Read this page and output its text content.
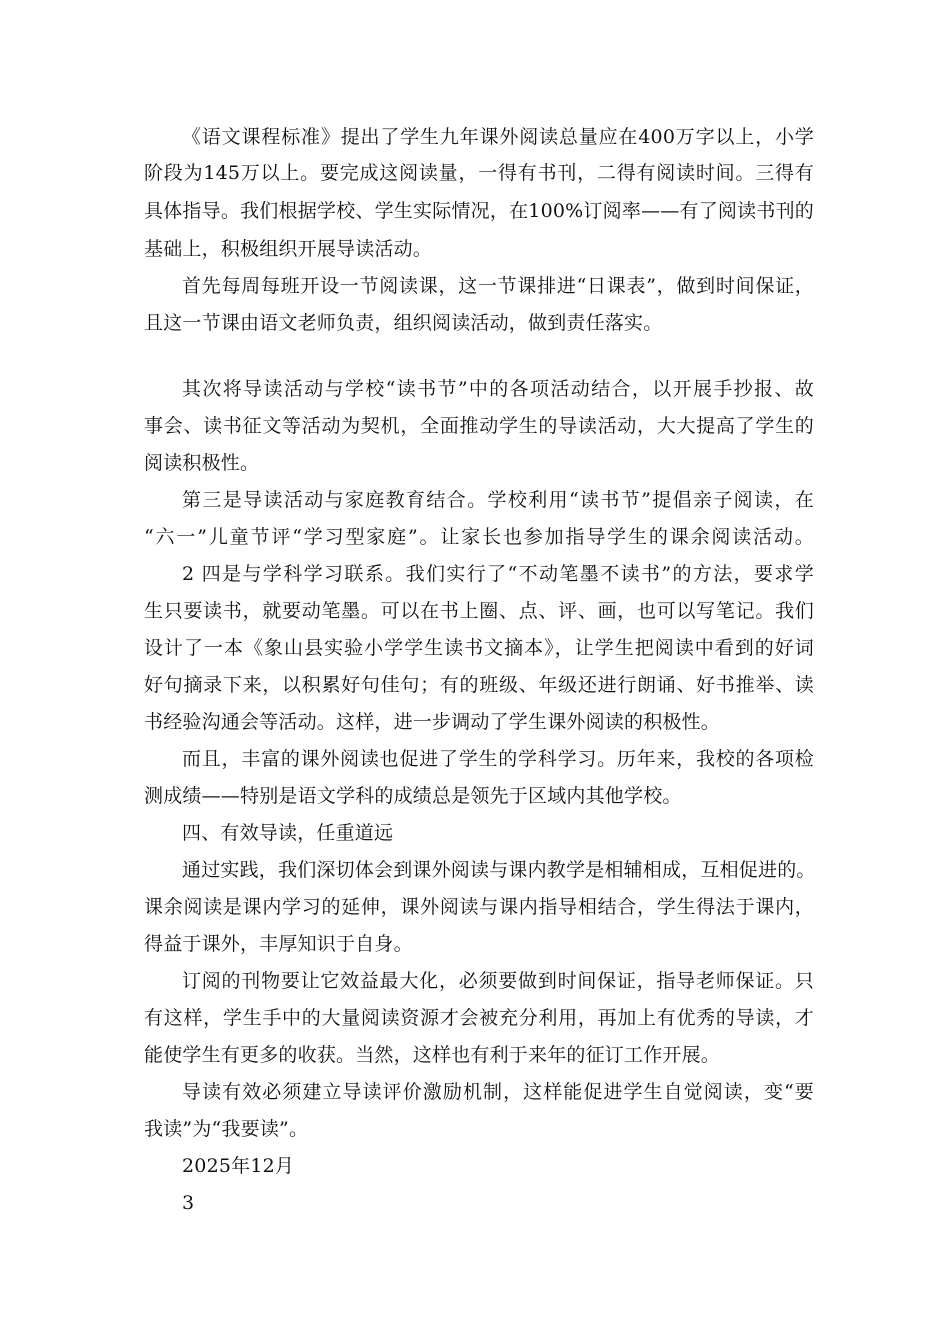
《语文课程标准》提出了学生九年课外阅读总量应在400万字以上，小学
阶段为145万以上。要完成这阅读量，一得有书刊，二得有阅读时间。三得有
具体指导。我们根据学校、学生实际情况，在100%订阅率——有了阅读书刊的
基础上，积极组织开展导读活动。
首先每周每班开设一节阅读课，这一节课排进“日课表”，做到时间保证，
且这一节课由语文老师负责，组织阅读活动，做到责任落实。
其次将导读活动与学校“读书节”中的各项活动结合，以开展手抄报、故
事会、读书征文等活动为契机，全面推动学生的导读活动，大大提高了学生的
阅读积极性。
第三是导读活动与家庭教育结合。学校利用“读书节”提倡亲子阅读，在
“六一”儿童节评“学习型家庭”。让家长也参加指导学生的课余阅读活动。
2 四是与学科学习联系。我们实行了“不动笔墨不读书”的方法，要求学
生只要读书，就要动笔墨。可以在书上圈、点、评、画，也可以写笔记。我们
设计了一本《象山县实验小学学生读书文摘本》，让学生把阅读中看到的好词
好句摘录下来，以积累好句佳句；有的班级、年级还进行朗诵、好书推举、读
书经验沟通会等活动。这样，进一步调动了学生课外阅读的积极性。
而且，丰富的课外阅读也促进了学生的学科学习。历年来，我校的各项检
测成绩——特别是语文学科的成绩总是领先于区域内其他学校。
四、有效导读，任重道远
通过实践，我们深切体会到课外阅读与课内教学是相辅相成，互相促进的。
课余阅读是课内学习的延伸，课外阅读与课内指导相结合，学生得法于课内，
得益于课外，丰厚知识于自身。
订阅的刊物要让它效益最大化，必须要做到时间保证，指导老师保证。只
有这样，学生手中的大量阅读资源才会被充分利用，再加上有优秀的导读，才
能使学生有更多的收获。当然，这样也有利于来年的征订工作开展。
导读有效必须建立导读评价激励机制，这样能促进学生自觉阅读，变“要
我读”为“我要读”。
2025年12月
3
